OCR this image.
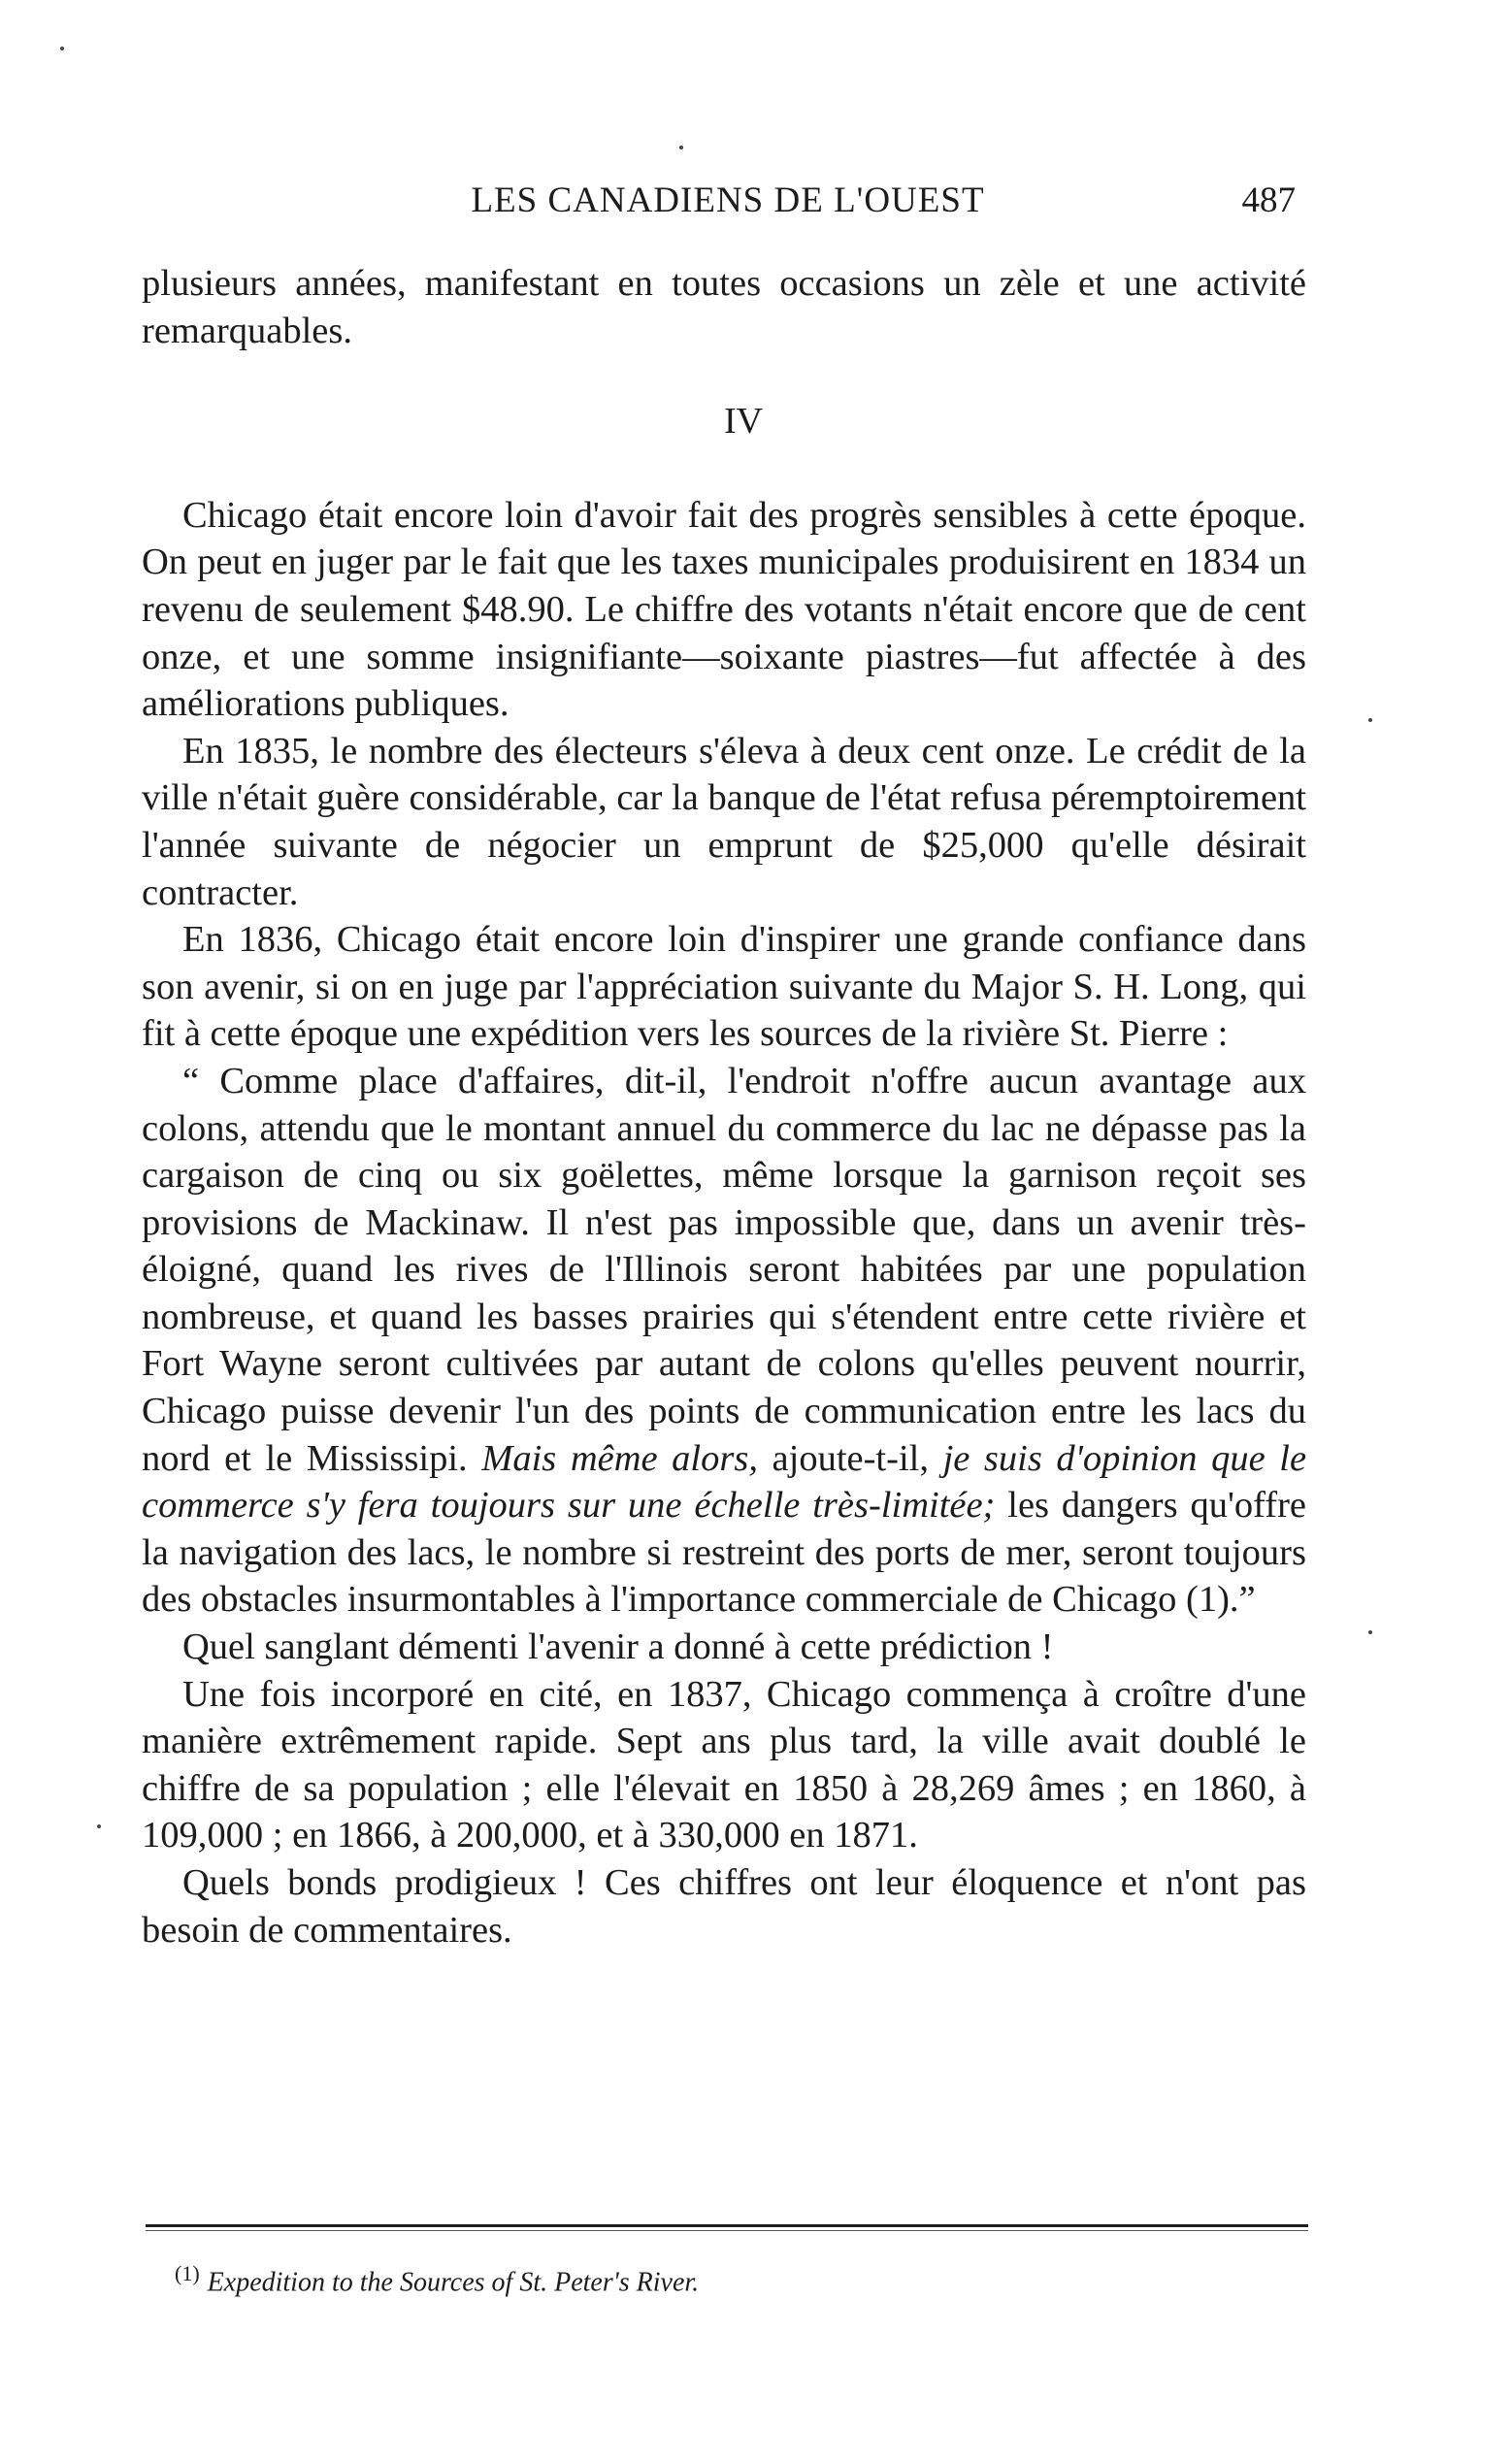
LES CANADIENS DE L'OUEST	487

plusieurs années, manifestant en toutes occasions un zèle et une activité remarquables.

IV

Chicago était encore loin d'avoir fait des progrès sensibles à cette époque. On peut en juger par le fait que les taxes municipales produisirent en 1834 un revenu de seulement $48.90. Le chiffre des votants n'était encore que de cent onze, et une somme insignifiante—soixante piastres—fut affectée à des améliorations publiques.

En 1835, le nombre des électeurs s'éleva à deux cent onze. Le crédit de la ville n'était guère considérable, car la banque de l'état refusa péremptoirement l'année suivante de négocier un emprunt de $25,000 qu'elle désirait contracter.

En 1836, Chicago était encore loin d'inspirer une grande confiance dans son avenir, si on en juge par l'appréciation suivante du Major S. H. Long, qui fit à cette époque une expédition vers les sources de la rivière St. Pierre :

“ Comme place d'affaires, dit-il, l'endroit n'offre aucun avantage aux colons, attendu que le montant annuel du commerce du lac ne dépasse pas la cargaison de cinq ou six goëlettes, même lorsque la garnison reçoit ses provisions de Mackinaw. Il n'est pas impossible que, dans un avenir très-éloigné, quand les rives de l'Illinois seront habitées par une population nombreuse, et quand les basses prairies qui s'étendent entre cette rivière et Fort Wayne seront cultivées par autant de colons qu'elles peuvent nourrir, Chicago puisse devenir l'un des points de communication entre les lacs du nord et le Mississipi. Mais même alors, ajoute-t-il, je suis d'opinion que le commerce s'y fera toujours sur une échelle très-limitée; les dangers qu'offre la navigation des lacs, le nombre si restreint des ports de mer, seront toujours des obstacles insurmontables à l'importance commerciale de Chicago (1).”

Quel sanglant démenti l'avenir a donné à cette prédiction !

Une fois incorporé en cité, en 1837, Chicago commença à croître d'une manière extrêmement rapide. Sept ans plus tard, la ville avait doublé le chiffre de sa population ; elle l'élevait en 1850 à 28,269 âmes ; en 1860, à 109,000 ; en 1866, à 200,000, et à 330,000 en 1871.

Quels bonds prodigieux ! Ces chiffres ont leur éloquence et n'ont pas besoin de commentaires.

$^{(1)}$ Expedition to the Sources of St. Peter's River.
